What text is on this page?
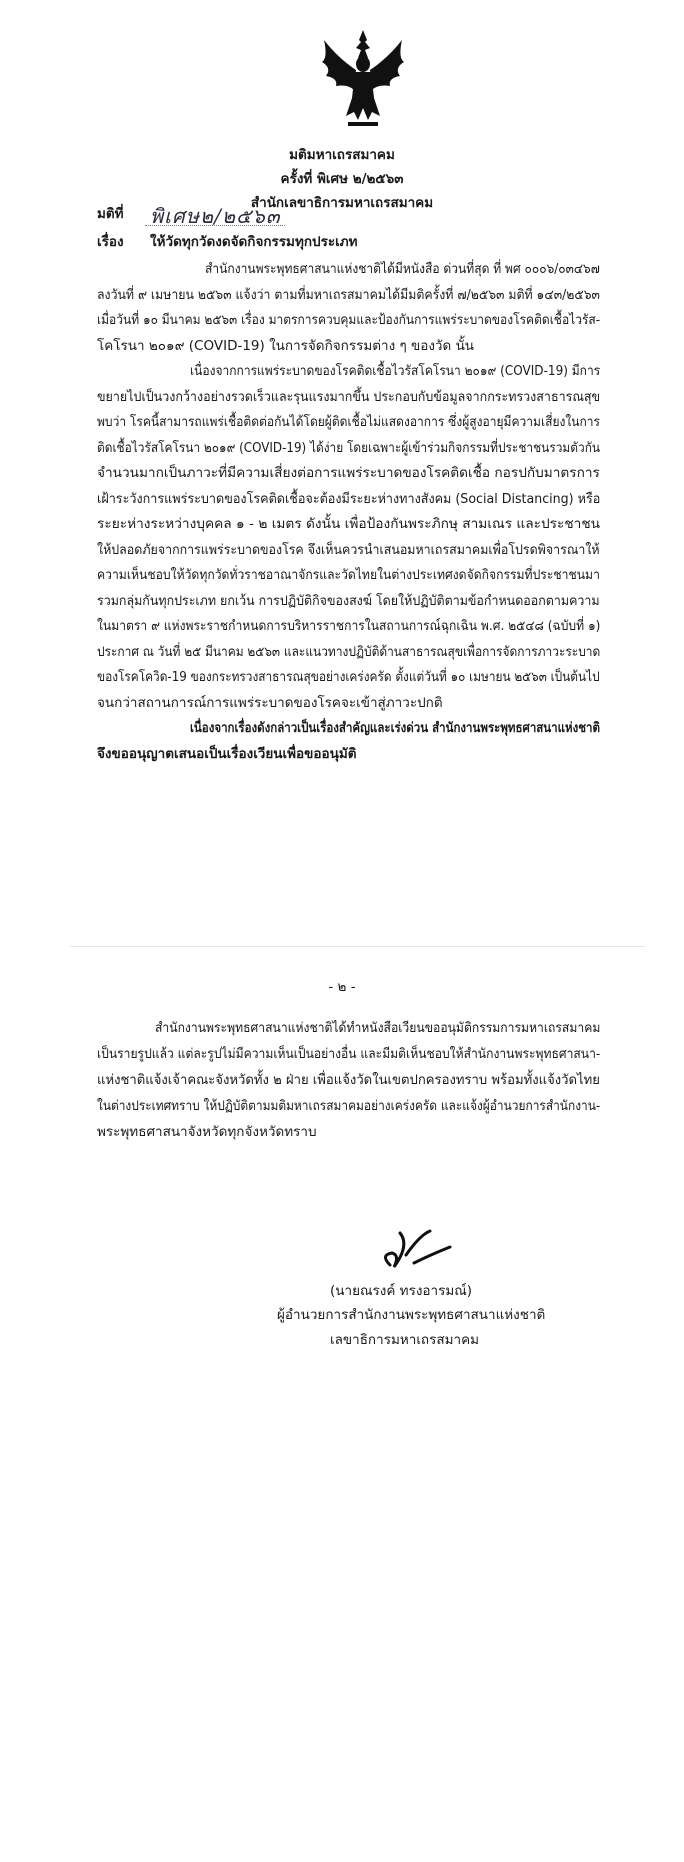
มติมหาเถรสมาคม
ครั้งที่ พิเศษ ๒/๒๕๖๓
สำนักเลขาธิการมหาเถรสมาคม
มติที่ พิเศษ๒/๒๕๖๓
เรื่อง ให้วัดทุกวัดงดจัดกิจกรรมทุกประเภท
สำนักงานพระพุทธศาสนาแห่งชาติได้มีหนังสือ ด่วนที่สุด ที่ พศ ๐๐๐๖/๐๓๔๖๗
ลงวันที่ ๙ เมษายน ๒๕๖๓ แจ้งว่า ตามที่มหาเถรสมาคมได้มีมติครั้งที่ ๗/๒๕๖๓ มติที่ ๑๔๓/๒๕๖๓
เมื่อวันที่ ๑๐ มีนาคม ๒๕๖๓ เรื่อง มาตรการควบคุมและป้องกันการแพร่ระบาดของโรคติดเชื้อไวรัส-
โคโรนา ๒๐๑๙ (COVID-19) ในการจัดกิจกรรมต่าง ๆ ของวัด นั้น
เนื่องจากการแพร่ระบาดของโรคติดเชื้อไวรัสโคโรนา ๒๐๑๙ (COVID-19) มีการ
ขยายไปเป็นวงกว้างอย่างรวดเร็วและรุนแรงมากขึ้น ประกอบกับข้อมูลจากกระทรวงสาธารณสุข
พบว่า โรคนี้สามารถแพร่เชื้อติดต่อกันได้โดยผู้ติดเชื้อไม่แสดงอาการ ซึ่งผู้สูงอายุมีความเสี่ยงในการ
ติดเชื้อไวรัสโคโรนา ๒๐๑๙ (COVID-19) ได้ง่าย โดยเฉพาะผู้เข้าร่วมกิจกรรมที่ประชาชนรวมตัวกัน
จำนวนมากเป็นภาวะที่มีความเสี่ยงต่อการแพร่ระบาดของโรคติดเชื้อ กอรปกับมาตรการ
เฝ้าระวังการแพร่ระบาดของโรคติดเชื้อจะต้องมีระยะห่างทางสังคม (Social Distancing) หรือ
ระยะห่างระหว่างบุคคล ๑ - ๒ เมตร ดังนั้น เพื่อป้องกันพระภิกษุ สามเณร และประชาชน
ให้ปลอดภัยจากการแพร่ระบาดของโรค จึงเห็นควรนำเสนอมหาเถรสมาคมเพื่อโปรดพิจารณาให้
ความเห็นชอบให้วัดทุกวัดทั่วราชอาณาจักรและวัดไทยในต่างประเทศงดจัดกิจกรรมที่ประชาชนมา
รวมกลุ่มกันทุกประเภท ยกเว้น การปฏิบัติกิจของสงฆ์ โดยให้ปฏิบัติตามข้อกำหนดออกตามความ
ในมาตรา ๙ แห่งพระราชกำหนดการบริหารราชการในสถานการณ์ฉุกเฉิน พ.ศ. ๒๕๔๘ (ฉบับที่ ๑)
ประกาศ ณ วันที่ ๒๕ มีนาคม ๒๕๖๓ และแนวทางปฏิบัติด้านสาธารณสุขเพื่อการจัดการภาวะระบาด
ของโรคโควิด-19 ของกระทรวงสาธารณสุขอย่างเคร่งครัด ตั้งแต่วันที่ ๑๐ เมษายน ๒๕๖๓ เป็นต้นไป
จนกว่าสถานการณ์การแพร่ระบาดของโรคจะเข้าสู่ภาวะปกติ
เนื่องจากเรื่องดังกล่าวเป็นเรื่องสำคัญและเร่งด่วน สำนักงานพระพุทธศาสนาแห่งชาติ
จึงขออนุญาตเสนอเป็นเรื่องเวียนเพื่อขออนุมัติ
- ๒ -
สำนักงานพระพุทธศาสนาแห่งชาติได้ทำหนังสือเวียนขออนุมัติกรรมการมหาเถรสมาคม
เป็นรายรูปแล้ว แต่ละรูปไม่มีความเห็นเป็นอย่างอื่น และมีมติเห็นชอบให้สำนักงานพระพุทธศาสนา-
แห่งชาติแจ้งเจ้าคณะจังหวัดทั้ง ๒ ฝ่าย เพื่อแจ้งวัดในเขตปกครองทราบ พร้อมทั้งแจ้งวัดไทย
ในต่างประเทศทราบ ให้ปฏิบัติตามมติมหาเถรสมาคมอย่างเคร่งครัด และแจ้งผู้อำนวยการสำนักงาน-
พระพุทธศาสนาจังหวัดทุกจังหวัดทราบ
(นายณรงค์ ทรงอารมณ์)
ผู้อำนวยการสำนักงานพระพุทธศาสนาแห่งชาติ
เลขาธิการมหาเถรสมาคม
